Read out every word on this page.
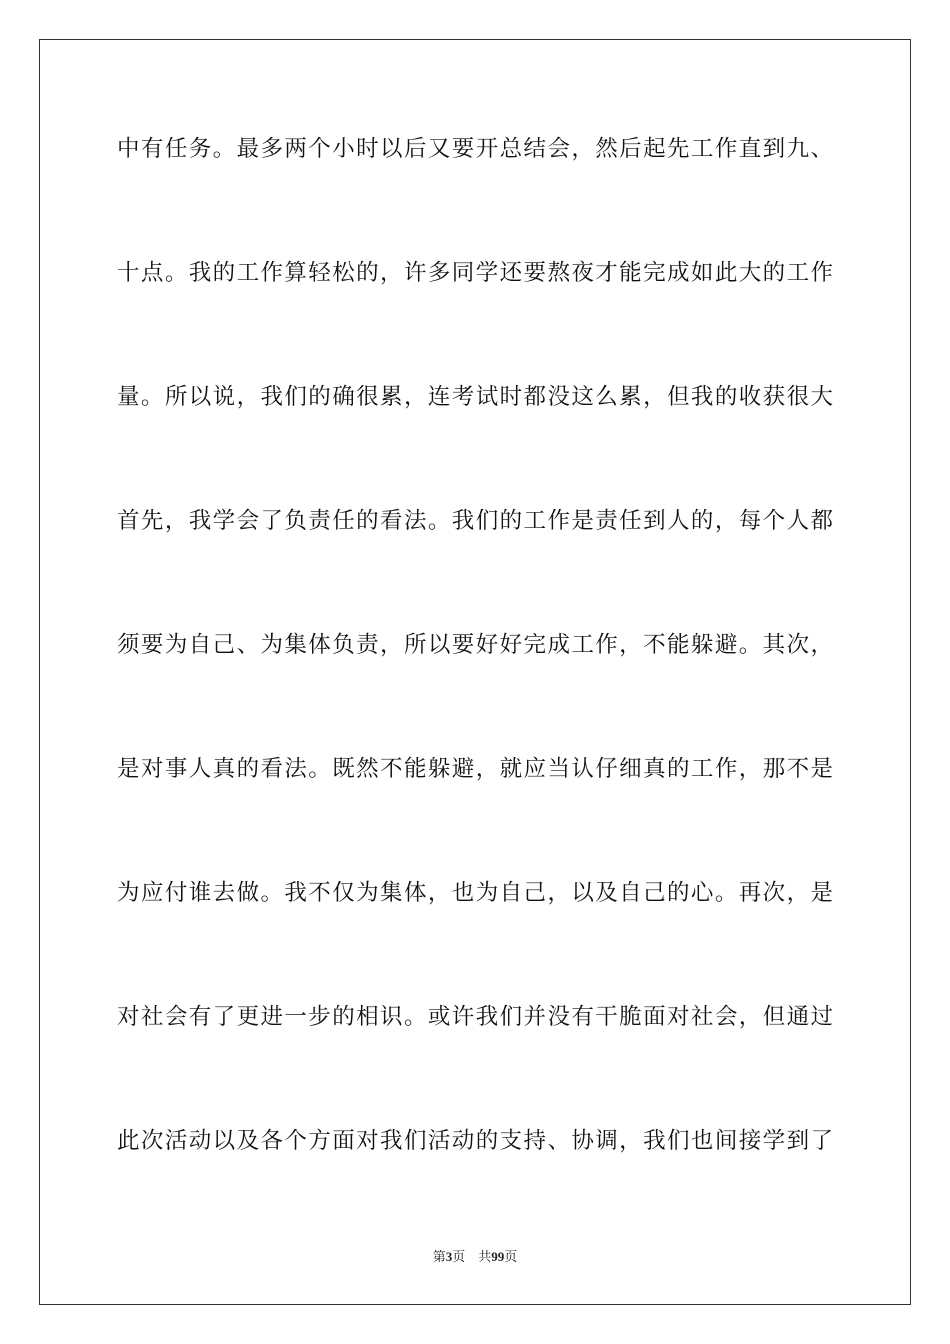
中有任务。最多两个小时以后又要开总结会，然后起先工作直到九、
十点。我的工作算轻松的，许多同学还要熬夜才能完成如此大的工作
量。所以说，我们的确很累，连考试时都没这么累，但我的收获很大
首先，我学会了负责任的看法。我们的工作是责任到人的，每个人都
须要为自己、为集体负责，所以要好好完成工作，不能躲避。其次，
是对事人真的看法。既然不能躲避，就应当认仔细真的工作，那不是
为应付谁去做。我不仅为集体，也为自己，以及自己的心。再次，是
对社会有了更进一步的相识。或许我们并没有干脆面对社会，但通过
此次活动以及各个方面对我们活动的支持、协调，我们也间接学到了
第3页 共99页
